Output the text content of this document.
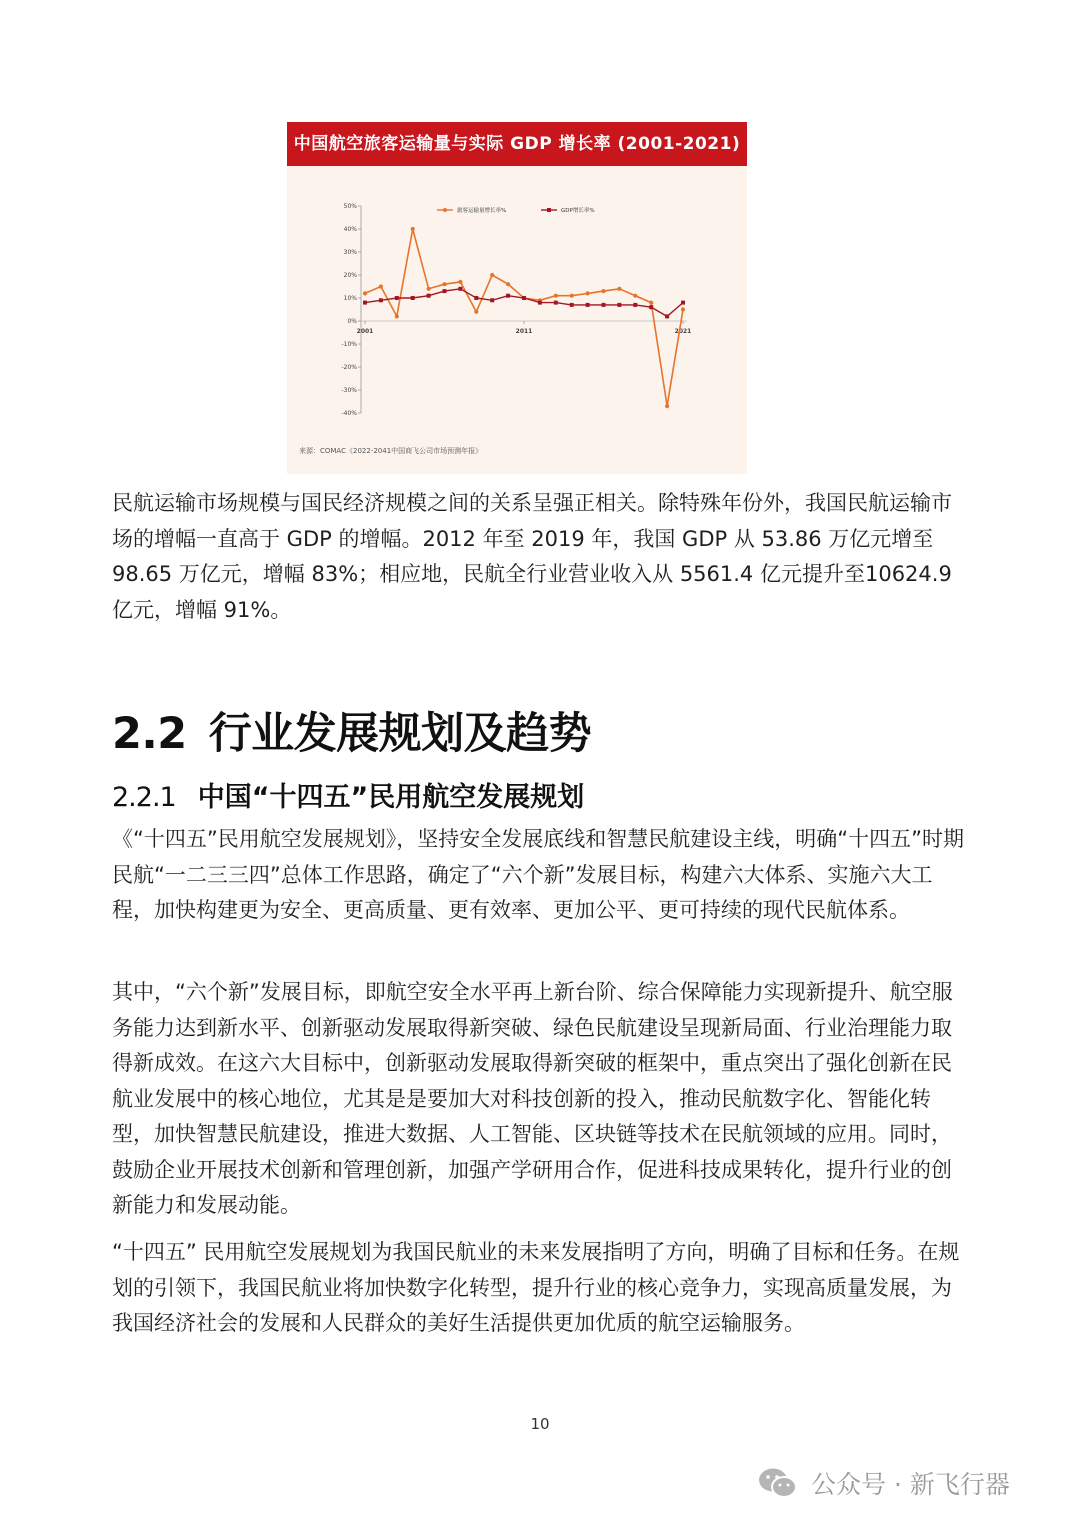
中国航空旅客运输量与实际 GDP 增长率 (2001-2021)
50%
40%
30%
20%
10%
0%
-10%
-20%
-30%
-40%
2001	2011	2021
旅客运输量增长率%	GDP增长率%
来源：COMAC《2022-2041中国商飞公司市场预测年报》

民航运输市场规模与国民经济规模之间的关系呈强正相关。除特殊年份外，我国民航运输市场的增幅一直高于 GDP 的增幅。2012 年至 2019 年，我国 GDP 从 53.86 万亿元增至 98.65 万亿元，增幅 83%；相应地，民航全行业营业收入从 5561.4 亿元提升至10624.9 亿元，增幅 91%。

2.2 行业发展规划及趋势
2.2.1 中国“十四五”民用航空发展规划

《“十四五”民用航空发展规划》，坚持安全发展底线和智慧民航建设主线，明确“十四五”时期民航“一二三三四”总体工作思路，确定了“六个新”发展目标，构建六大体系、实施六大工程，加快构建更为安全、更高质量、更有效率、更加公平、更可持续的现代民航体系。

其中，“六个新”发展目标，即航空安全水平再上新台阶、综合保障能力实现新提升、航空服务能力达到新水平、创新驱动发展取得新突破、绿色民航建设呈现新局面、行业治理能力取得新成效。在这六大目标中，创新驱动发展取得新突破的框架中，重点突出了强化创新在民航业发展中的核心地位，尤其是是要加大对科技创新的投入，推动民航数字化、智能化转型，加快智慧民航建设，推进大数据、人工智能、区块链等技术在民航领域的应用。同时，鼓励企业开展技术创新和管理创新，加强产学研用合作，促进科技成果转化，提升行业的创新能力和发展动能。

“十四五” 民用航空发展规划为我国民航业的未来发展指明了方向，明确了目标和任务。在规划的引领下，我国民航业将加快数字化转型，提升行业的核心竞争力，实现高质量发展，为我国经济社会的发展和人民群众的美好生活提供更加优质的航空运输服务。

10
公众号 · 新飞行器
